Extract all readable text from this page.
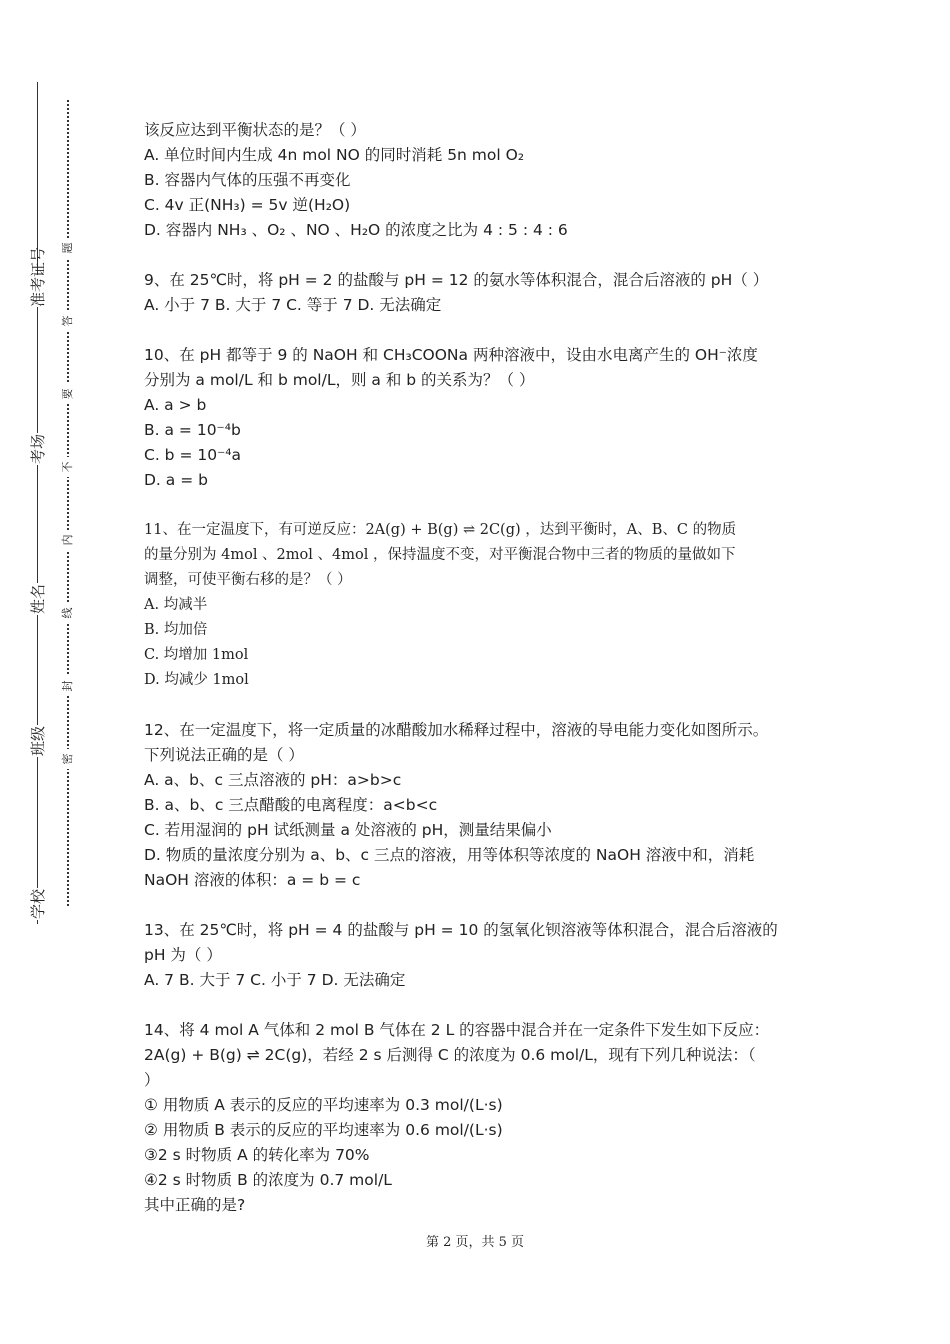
准考证号
考场
姓名
班级
学校
题
答
要
不
内
线
封
密
该反应达到平衡状态的是？（ ）
A. 单位时间内生成 4n mol NO 的同时消耗 5n mol O₂
B. 容器内气体的压强不再变化
C. 4v 正(NH₃) = 5v 逆(H₂O)
D. 容器内 NH₃ 、O₂ 、NO 、H₂O 的浓度之比为 4 : 5 : 4 : 6
9、在 25℃时，将 pH = 2 的盐酸与 pH = 12 的氨水等体积混合，混合后溶液的 pH（ ）
A. 小于 7 B. 大于 7 C. 等于 7 D. 无法确定
10、在 pH 都等于 9 的 NaOH 和 CH₃COONa 两种溶液中，设由水电离产生的 OH⁻浓度
分别为 a mol/L 和 b mol/L，则 a 和 b 的关系为？（ ）
A. a > b
B. a = 10⁻⁴b
C. b = 10⁻⁴a
D. a = b
11、在一定温度下，有可逆反应：2A(g) + B(g) ⇌ 2C(g) ，达到平衡时，A、B、C 的物质
的量分别为 4mol 、2mol 、4mol ，保持温度不变，对平衡混合物中三者的物质的量做如下
调整，可使平衡右移的是？（ ）
A. 均减半
B. 均加倍
C. 均增加 1mol
D. 均减少 1mol
12、在一定温度下，将一定质量的冰醋酸加水稀释过程中，溶液的导电能力变化如图所示。
下列说法正确的是（ ）
A. a、b、c 三点溶液的 pH：a>b>c
B. a、b、c 三点醋酸的电离程度：a<b<c
C. 若用湿润的 pH 试纸测量 a 处溶液的 pH，测量结果偏小
D. 物质的量浓度分别为 a、b、c 三点的溶液，用等体积等浓度的 NaOH 溶液中和，消耗
NaOH 溶液的体积：a = b = c
13、在 25℃时，将 pH = 4 的盐酸与 pH = 10 的氢氧化钡溶液等体积混合，混合后溶液的
pH 为（ ）
A. 7 B. 大于 7 C. 小于 7 D. 无法确定
14、将 4 mol A 气体和 2 mol B 气体在 2 L 的容器中混合并在一定条件下发生如下反应：
2A(g) + B(g) ⇌ 2C(g)，若经 2 s 后测得 C 的浓度为 0.6 mol/L，现有下列几种说法：（
）
① 用物质 A 表示的反应的平均速率为 0.3 mol/(L·s)
② 用物质 B 表示的反应的平均速率为 0.6 mol/(L·s)
③2 s 时物质 A 的转化率为 70%
④2 s 时物质 B 的浓度为 0.7 mol/L
其中正确的是?
第 2 页，共 5 页
